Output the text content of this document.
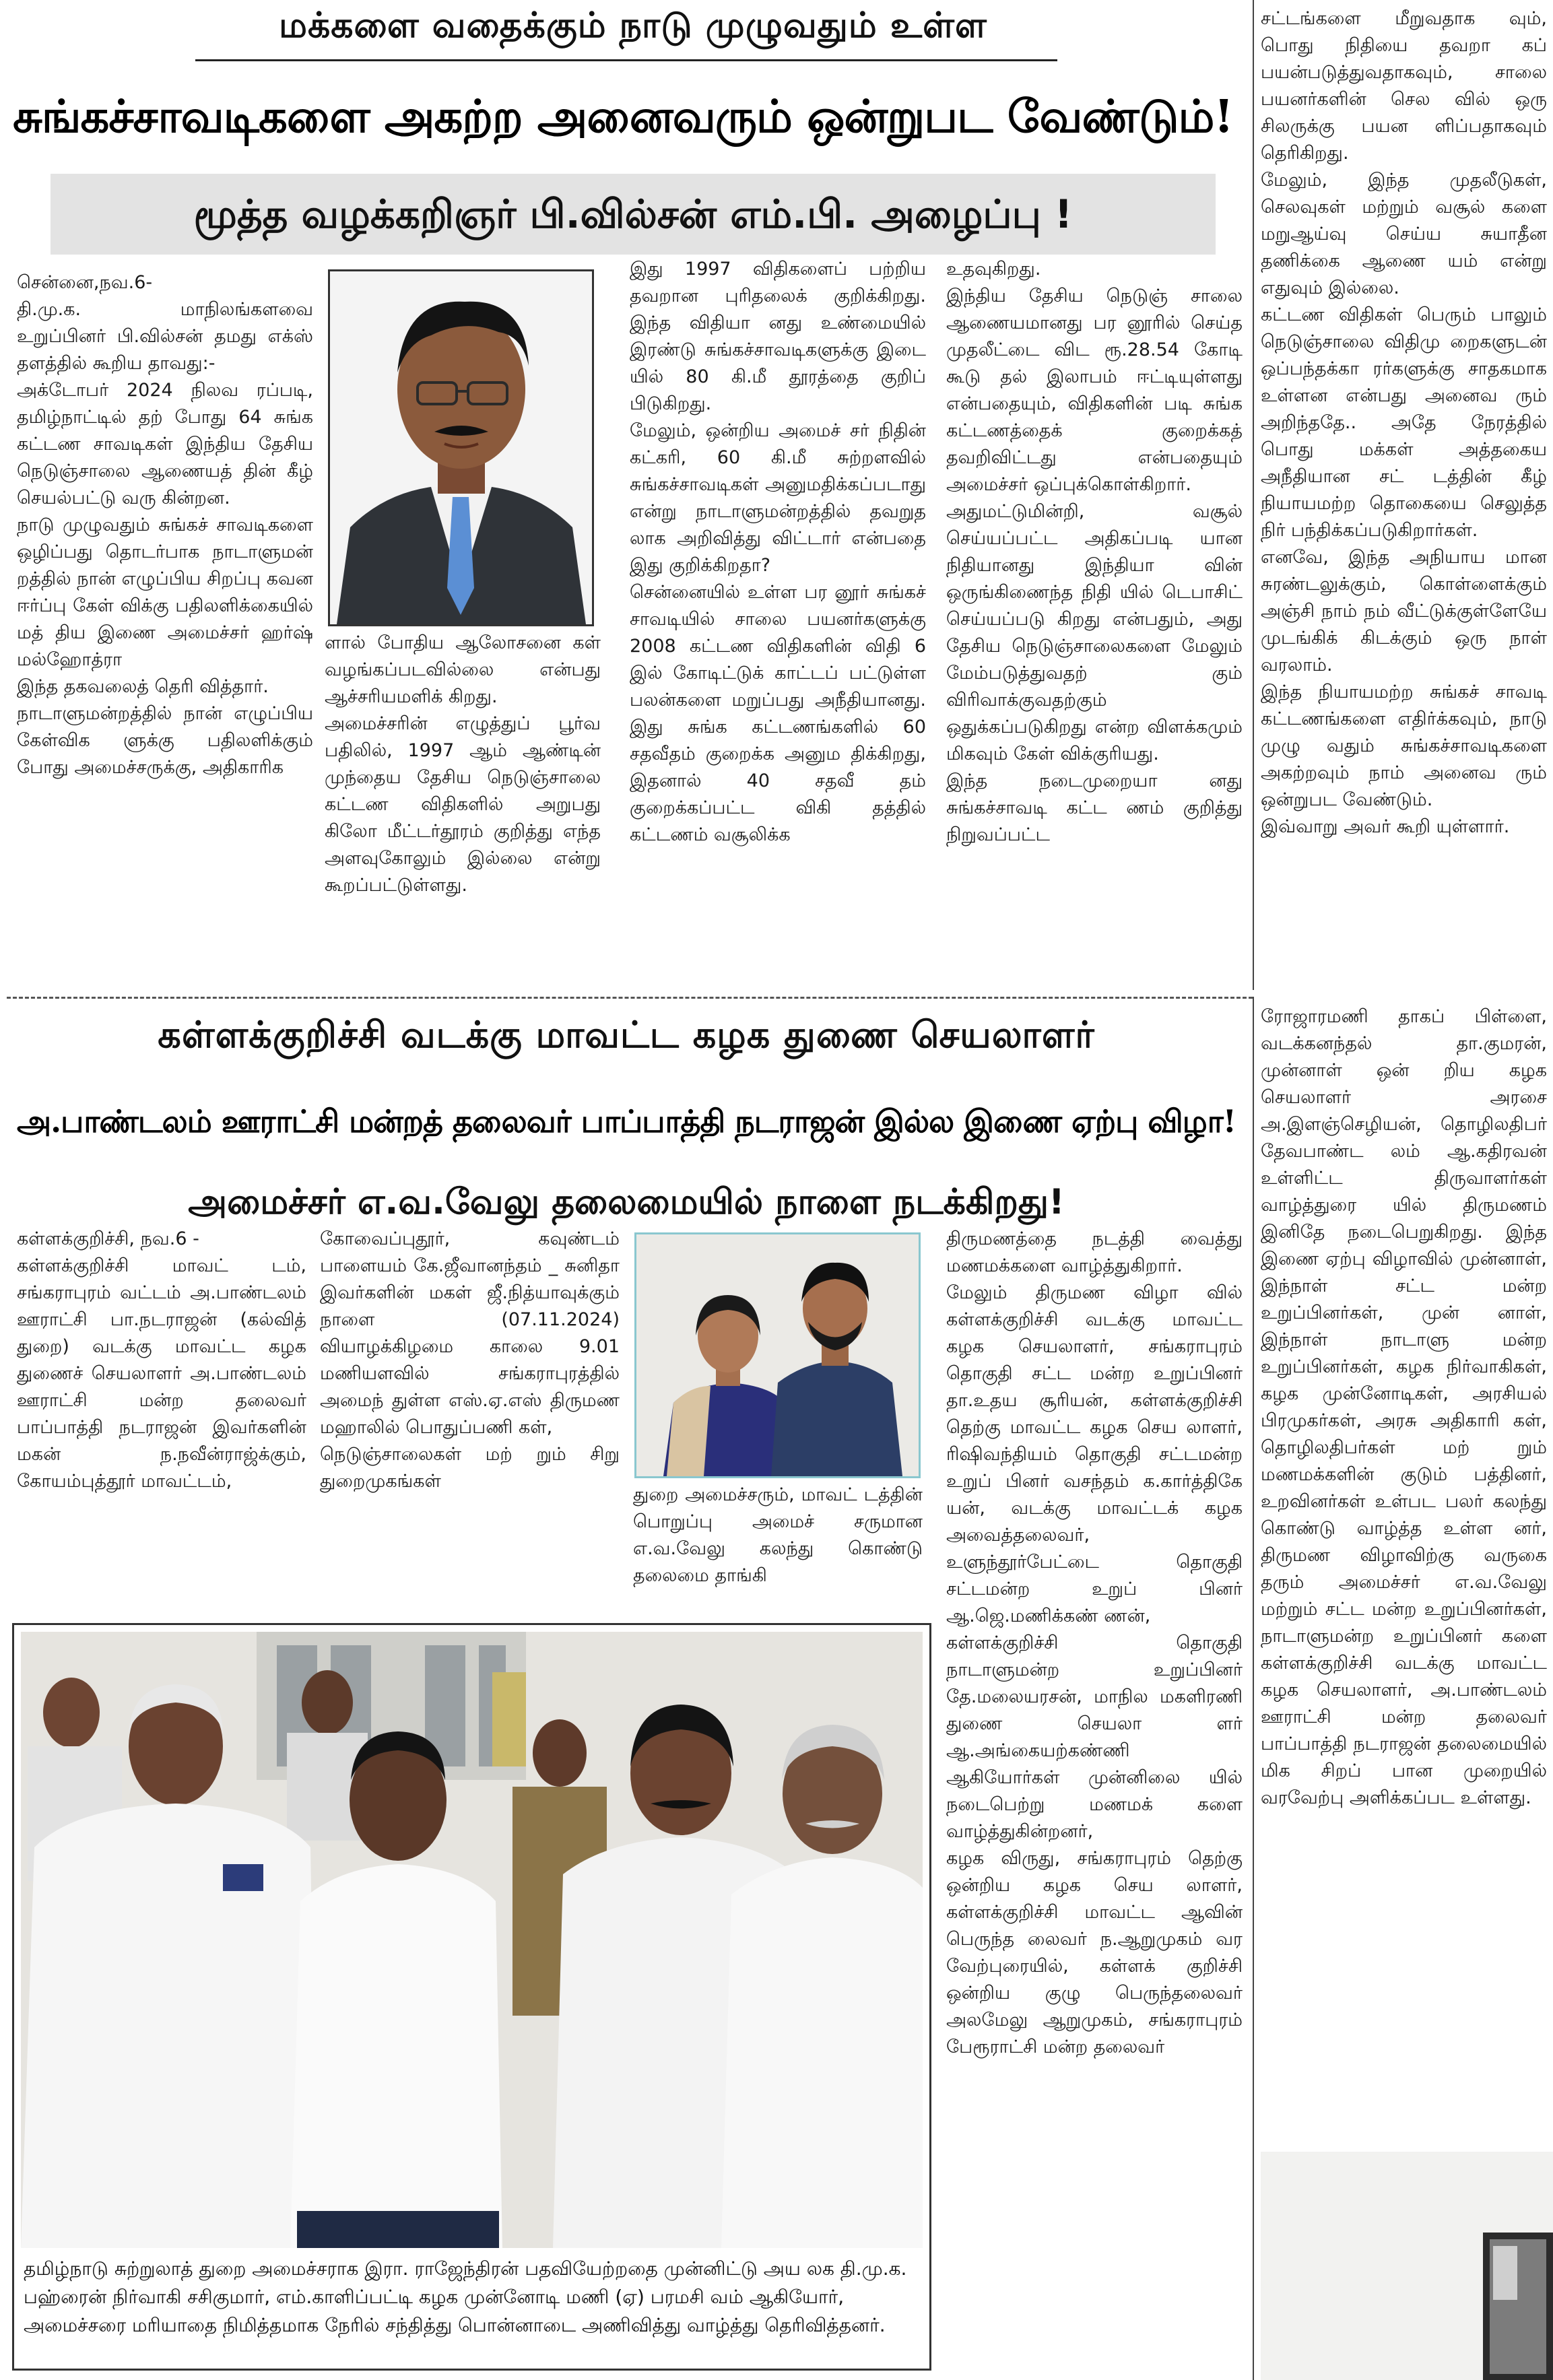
மக்களை வதைக்கும் நாடு முழுவதும் உள்ள
சுங்கச்சாவடிகளை அகற்ற அனைவரும் ஒன்றுபட வேண்டும்!
மூத்த வழக்கறிஞர் பி.வில்சன் எம்.பி. அழைப்பு !
சென்னை,நவ.6-
தி.மு.க. மாநிலங்களவை உறுப்பினர் பி.வில்சன் தமது எக்ஸ் தளத்தில் கூறிய தாவது:-
அக்டோபர் 2024 நிலவ ரப்படி, தமிழ்நாட்டில் தற் போது 64 சுங்க கட்டண சாவடிகள் இந்திய தேசிய நெடுஞ்சாலை ஆணையத் தின் கீழ் செயல்பட்டு வரு கின்றன.
நாடு முழுவதும் சுங்கச் சாவடிகளை ஒழிப்பது தொடர்பாக நாடாளுமன் றத்தில் நான் எழுப்பிய சிறப்பு கவன ஈர்ப்பு கேள் விக்கு பதிலளிக்கையில் மத் திய இணை அமைச்சர் ஹர்ஷ் மல்ஹோத்ரா
இந்த தகவலைத் தெரி வித்தார்.
நாடாளுமன்றத்தில் நான் எழுப்பிய கேள்விக ளுக்கு பதிலளிக்கும் போது அமைச்சருக்கு, அதிகாரிக
ளால் போதிய ஆலோசனை கள் வழங்கப்படவில்லை என்பது ஆச்சரியமளிக் கிறது.
அமைச்சரின் எழுத்துப் பூர்வ பதிலில், 1997 ஆம் ஆண்டின் முந்தைய தேசிய நெடுஞ்சாலை கட்டண விதிகளில் அறுபது கிலோ மீட்டர்தூரம் குறித்து எந்த அளவுகோலும் இல்லை என்று கூறப்பட்டுள்ளது.
இது 1997 விதிகளைப் பற்றிய தவறான புரிதலைக் குறிக்கிறது. இந்த விதியா னது உண்மையில் இரண்டு சுங்கச்சாவடிகளுக்கு இடை யில் 80 கி.மீ தூரத்தை குறிப் பிடுகிறது.
மேலும், ஒன்றிய அமைச் சர் நிதின் கட்கரி, 60 கி.மீ சுற்றளவில் சுங்கச்சாவடிகள் அனுமதிக்கப்படாது என்று நாடாளுமன்றத்தில் தவறுத லாக அறிவித்து விட்டார் என்பதை இது குறிக்கிறதா?
சென்னையில் உள்ள பர னூர் சுங்கச் சாவடியில் சாலை பயனர்களுக்கு 2008 கட்டண விதிகளின் விதி 6 இல் கோடிட்டுக் காட்டப் பட்டுள்ள பலன்களை மறுப்பது அநீதியானது. இது சுங்க கட்டணங்களில் 60 சதவீதம் குறைக்க அனும திக்கிறது, இதனால் 40 சதவீ தம் குறைக்கப்பட்ட விகி தத்தில் கட்டணம் வசூலிக்க
உதவுகிறது.
இந்திய தேசிய நெடுஞ் சாலை ஆணையமானது பர னூரில் செய்த முதலீட்டை விட ரூ.28.54 கோடி கூடு தல் இலாபம் ஈட்டியுள்ளது என்பதையும், விதிகளின் படி சுங்க கட்டணத்தைக் குறைக்கத் தவறிவிட்டது என்பதையும் அமைச்சர் ஒப்புக்கொள்கிறார்.
அதுமட்டுமின்றி, வசூல் செய்யப்பட்ட அதிகப்படி யான நிதியானது இந்தியா வின் ஒருங்கிணைந்த நிதி யில் டெபாசிட் செய்யப்படு கிறது என்பதும், அது தேசிய நெடுஞ்சாலைகளை மேலும் மேம்படுத்துவதற் கும் விரிவாக்குவதற்கும் ஒதுக்கப்படுகிறது என்ற விளக்கமும் மிகவும் கேள் விக்குரியது.
இந்த நடைமுறையா னது சுங்கச்சாவடி கட்ட ணம் குறித்து நிறுவப்பட்ட
சட்டங்களை மீறுவதாக வும், பொது நிதியை தவறா கப் பயன்படுத்துவதாகவும், சாலை பயனர்களின் செல வில் ஒரு சிலருக்கு பயன ளிப்பதாகவும் தெரிகிறது.
மேலும், இந்த முதலீடுகள், செலவுகள் மற்றும் வசூல் களை மறுஆய்வு செய்ய சுயாதீன தணிக்கை ஆணை யம் என்று எதுவும் இல்லை.
கட்டண விதிகள் பெரும் பாலும் நெடுஞ்சாலை விதிமு றைகளுடன் ஒப்பந்தக்கா ரர்களுக்கு சாதகமாக உள்ளன என்பது அனைவ ரும் அறிந்ததே.. அதே நேரத்தில் பொது மக்கள் அத்தகைய அநீதியான சட் டத்தின் கீழ் நியாயமற்ற தொகையை செலுத்த நிர் பந்திக்கப்படுகிறார்கள்.
எனவே, இந்த அநியாய மான சுரண்டலுக்கும், கொள்ளைக்கும் அஞ்சி நாம் நம் வீட்டுக்குள்ளேயே முடங்கிக் கிடக்கும் ஒரு நாள் வரலாம்.
இந்த நியாயமற்ற சுங்கச் சாவடி கட்டணங்களை எதிர்க்கவும், நாடு முழு வதும் சுங்கச்சாவடிகளை அகற்றவும் நாம் அனைவ ரும் ஒன்றுபட வேண்டும்.
இவ்வாறு அவர் கூறி யுள்ளார்.
கள்ளக்குறிச்சி வடக்கு மாவட்ட கழக துணை செயலாளர்
அ.பாண்டலம் ஊராட்சி மன்றத் தலைவர் பாப்பாத்தி நடராஜன் இல்ல இணை ஏற்பு விழா!
அமைச்சர் எ.வ.வேலு தலைமையில் நாளை நடக்கிறது!
கள்ளக்குறிச்சி, நவ.6 -
கள்ளக்குறிச்சி மாவட் டம், சங்கராபுரம் வட்டம் அ.பாண்டலம் ஊராட்சி பா.நடராஜன் (கல்வித் துறை) வடக்கு மாவட்ட கழக துணைச் செயலாளர் அ.பாண்டலம் ஊராட்சி மன்ற தலைவர் பாப்பாத்தி நடராஜன் இவர்களின் மகன் ந.நவீன்ராஜ்க்கும், கோயம்புத்தூர் மாவட்டம்,
கோவைப்புதூர், கவுண்டம் பாளையம் கே.ஜீவானந்தம் _ சுனிதா இவர்களின் மகள் ஜீ.நித்யாவுக்கும் நாளை (07.11.2024) வியாழக்கிழமை காலை 9.01 மணியளவில் சங்கராபுரத்தில் அமைந் துள்ள எஸ்.ஏ.எஸ் திருமண மஹாலில் பொதுப்பணி கள்,
நெடுஞ்சாலைகள் மற் றும் சிறு துறைமுகங்கள்
துறை அமைச்சரும், மாவட் டத்தின் பொறுப்பு அமைச் சருமான எ.வ.வேலு கலந்து கொண்டு தலைமை தாங்கி
திருமணத்தை நடத்தி வைத்து மணமக்களை வாழ்த்துகிறார்.
மேலும் திருமண விழா வில் கள்ளக்குறிச்சி வடக்கு மாவட்ட கழக செயலாளர், சங்கராபுரம் தொகுதி சட்ட மன்ற உறுப்பினர் தா.உதய சூரியன், கள்ளக்குறிச்சி தெற்கு மாவட்ட கழக செய லாளர், ரிஷிவந்தியம் தொகுதி சட்டமன்ற உறுப் பினர் வசந்தம் க.கார்த்திகே யன், வடக்கு மாவட்டக் கழக அவைத்தலைவர், உளுந்தூர்பேட்டை தொகுதி சட்டமன்ற உறுப் பினர் ஆ.ஜெ.மணிக்கண் ணன்,
கள்ளக்குறிச்சி தொகுதி நாடாளுமன்ற உறுப்பினர் தே.மலையரசன், மாநில மகளிரணி துணை செயலா ளர் ஆ.அங்கையற்கண்ணி ஆகியோர்கள் முன்னிலை யில் நடைபெற்று மணமக் களை வாழ்த்துகின்றனர்,
கழக விருது, சங்கராபுரம் தெற்கு ஒன்றிய கழக செய லாளர், கள்ளக்குறிச்சி மாவட்ட ஆவின் பெருந்த லைவர் ந.ஆறுமுகம் வர வேற்புரையில், கள்ளக் குறிச்சி ஒன்றிய குழு பெருந்தலைவர் அலமேலு ஆறுமுகம், சங்கராபுரம் பேரூராட்சி மன்ற தலைவர்
ரோஜாரமணி தாகப் பிள்ளை, வடக்கனந்தல் தா.குமரன், முன்னாள் ஒன் றிய கழக செயலாளர் அரசை அ.இளஞ்செழியன், தொழிலதிபர் தேவபாண்ட லம் ஆ.கதிரவன் உள்ளிட்ட திருவாளர்கள் வாழ்த்துரை யில் திருமணம் இனிதே நடைபெறுகிறது. இந்த இணை ஏற்பு விழாவில் முன்னாள், இந்நாள் சட்ட மன்ற உறுப்பினர்கள், முன் னாள், இந்நாள் நாடாளு மன்ற உறுப்பினர்கள், கழக நிர்வாகிகள், கழக முன்னோடிகள், அரசியல் பிரமுகர்கள், அரசு அதிகாரி கள், தொழிலதிபர்கள் மற் றும் மணமக்களின் குடும் பத்தினர், உறவினர்கள் உள்பட பலர் கலந்து கொண்டு வாழ்த்த உள்ள னர், திருமண விழாவிற்கு வருகை தரும் அமைச்சர் எ.வ.வேலு மற்றும் சட்ட மன்ற உறுப்பினர்கள், நாடாளுமன்ற உறுப்பினர் களை கள்ளக்குறிச்சி வடக்கு மாவட்ட கழக செயலாளர், அ.பாண்டலம் ஊராட்சி மன்ற தலைவர் பாப்பாத்தி நடராஜன் தலைமையில் மிக சிறப் பான முறையில் வரவேற்பு அளிக்கப்பட உள்ளது.
தமிழ்நாடு சுற்றுலாத் துறை அமைச்சராக இரா. ராஜேந்திரன் பதவியேற்றதை முன்னிட்டு அய லக தி.மு.க. பஹ்ரைன் நிர்வாகி சசிகுமார், எம்.காளிப்பட்டி கழக முன்னோடி மணி (ஏ) பரமசி வம் ஆகியோர், அமைச்சரை மரியாதை நிமித்தமாக நேரில் சந்தித்து பொன்னாடை அணிவித்து வாழ்த்து தெரிவித்தனர்.
